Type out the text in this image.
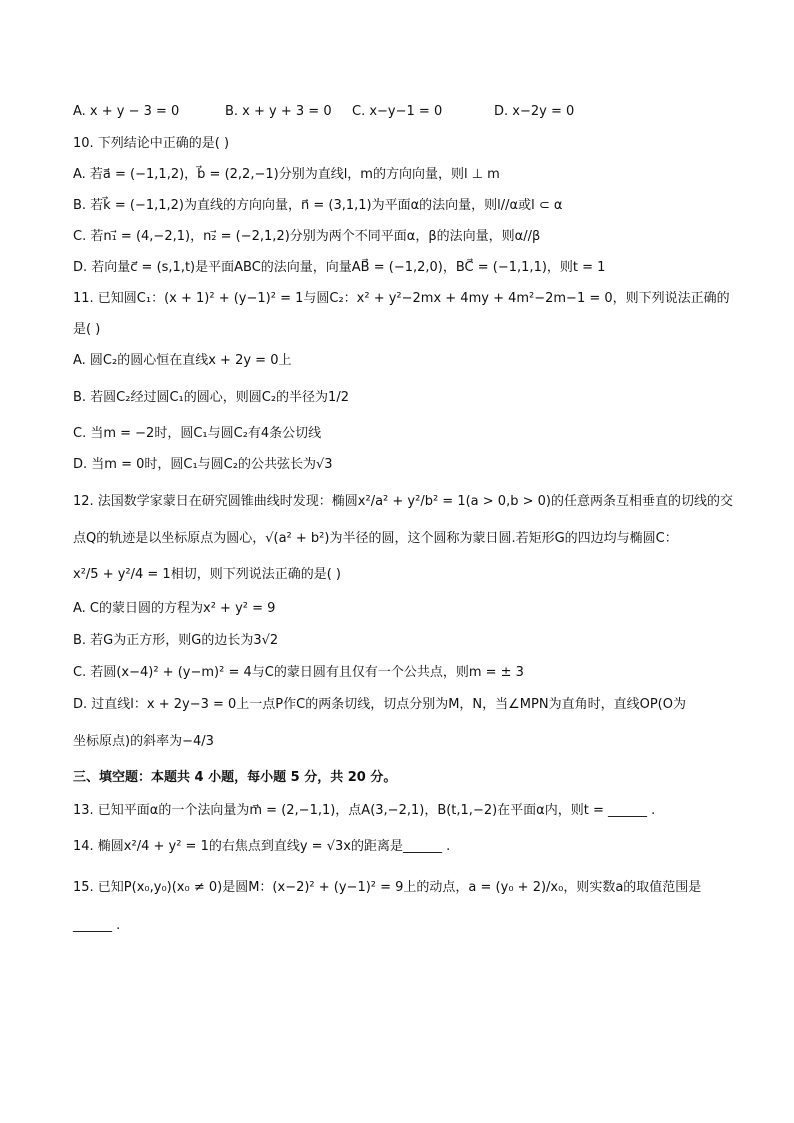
A. x + y − 3 = 0	B. x + y + 3 = 0 C. x−y−1 = 0	D. x−2y = 0
10. 下列结论中正确的是( )
A. 若a⃗ = (−1,1,2)，b⃗ = (2,2,−1)分别为直线l，m的方向向量，则l ⊥ m
B. 若k⃗ = (−1,1,2)为直线的方向向量，n⃗ = (3,1,1)为平面α的法向量，则l//α或l ⊂ α
C. 若n₁⃗ = (4,−2,1)，n₂⃗ = (−2,1,2)分别为两个不同平面α，β的法向量，则α//β
D. 若向量c⃗ = (s,1,t)是平面ABC的法向量，向量AB⃗ = (−1,2,0)，BC⃗ = (−1,1,1)，则t = 1
11. 已知圆C₁：(x + 1)² + (y−1)² = 1与圆C₂：x² + y²−2mx + 4my + 4m²−2m−1 = 0，则下列说法正确的
是( )
A. 圆C₂的圆心恒在直线x + 2y = 0上
B. 若圆C₂经过圆C₁的圆心，则圆C₂的半径为1/2
C. 当m = −2时，圆C₁与圆C₂有4条公切线
D. 当m = 0时，圆C₁与圆C₂的公共弦长为√3
12. 法国数学家蒙日在研究圆锥曲线时发现：椭圆x²/a² + y²/b² = 1(a > 0,b > 0)的任意两条互相垂直的切线的交
点Q的轨迹是以坐标原点为圆心，√(a² + b²)为半径的圆，这个圆称为蒙日圆.若矩形G的四边均与椭圆C：
x²/5 + y²/4 = 1相切，则下列说法正确的是( )
A. C的蒙日圆的方程为x² + y² = 9
B. 若G为正方形，则G的边长为3√2
C. 若圆(x−4)² + (y−m)² = 4与C的蒙日圆有且仅有一个公共点，则m = ± 3
D. 过直线l：x + 2y−3 = 0上一点P作C的两条切线，切点分别为M，N，当∠MPN为直角时，直线OP(O为
坐标原点)的斜率为−4/3
三、填空题：本题共 4 小题，每小题 5 分，共 20 分。
13. 已知平面α的一个法向量为m⃗ = (2,−1,1)，点A(3,−2,1)，B(t,1,−2)在平面α内，则t = ______ .
14. 椭圆x²/4 + y² = 1的右焦点到直线y = √3x的距离是______ .
15. 已知P(x₀,y₀)(x₀ ≠ 0)是圆M：(x−2)² + (y−1)² = 9上的动点，a = (y₀ + 2)/x₀，则实数a的取值范围是
______ .
